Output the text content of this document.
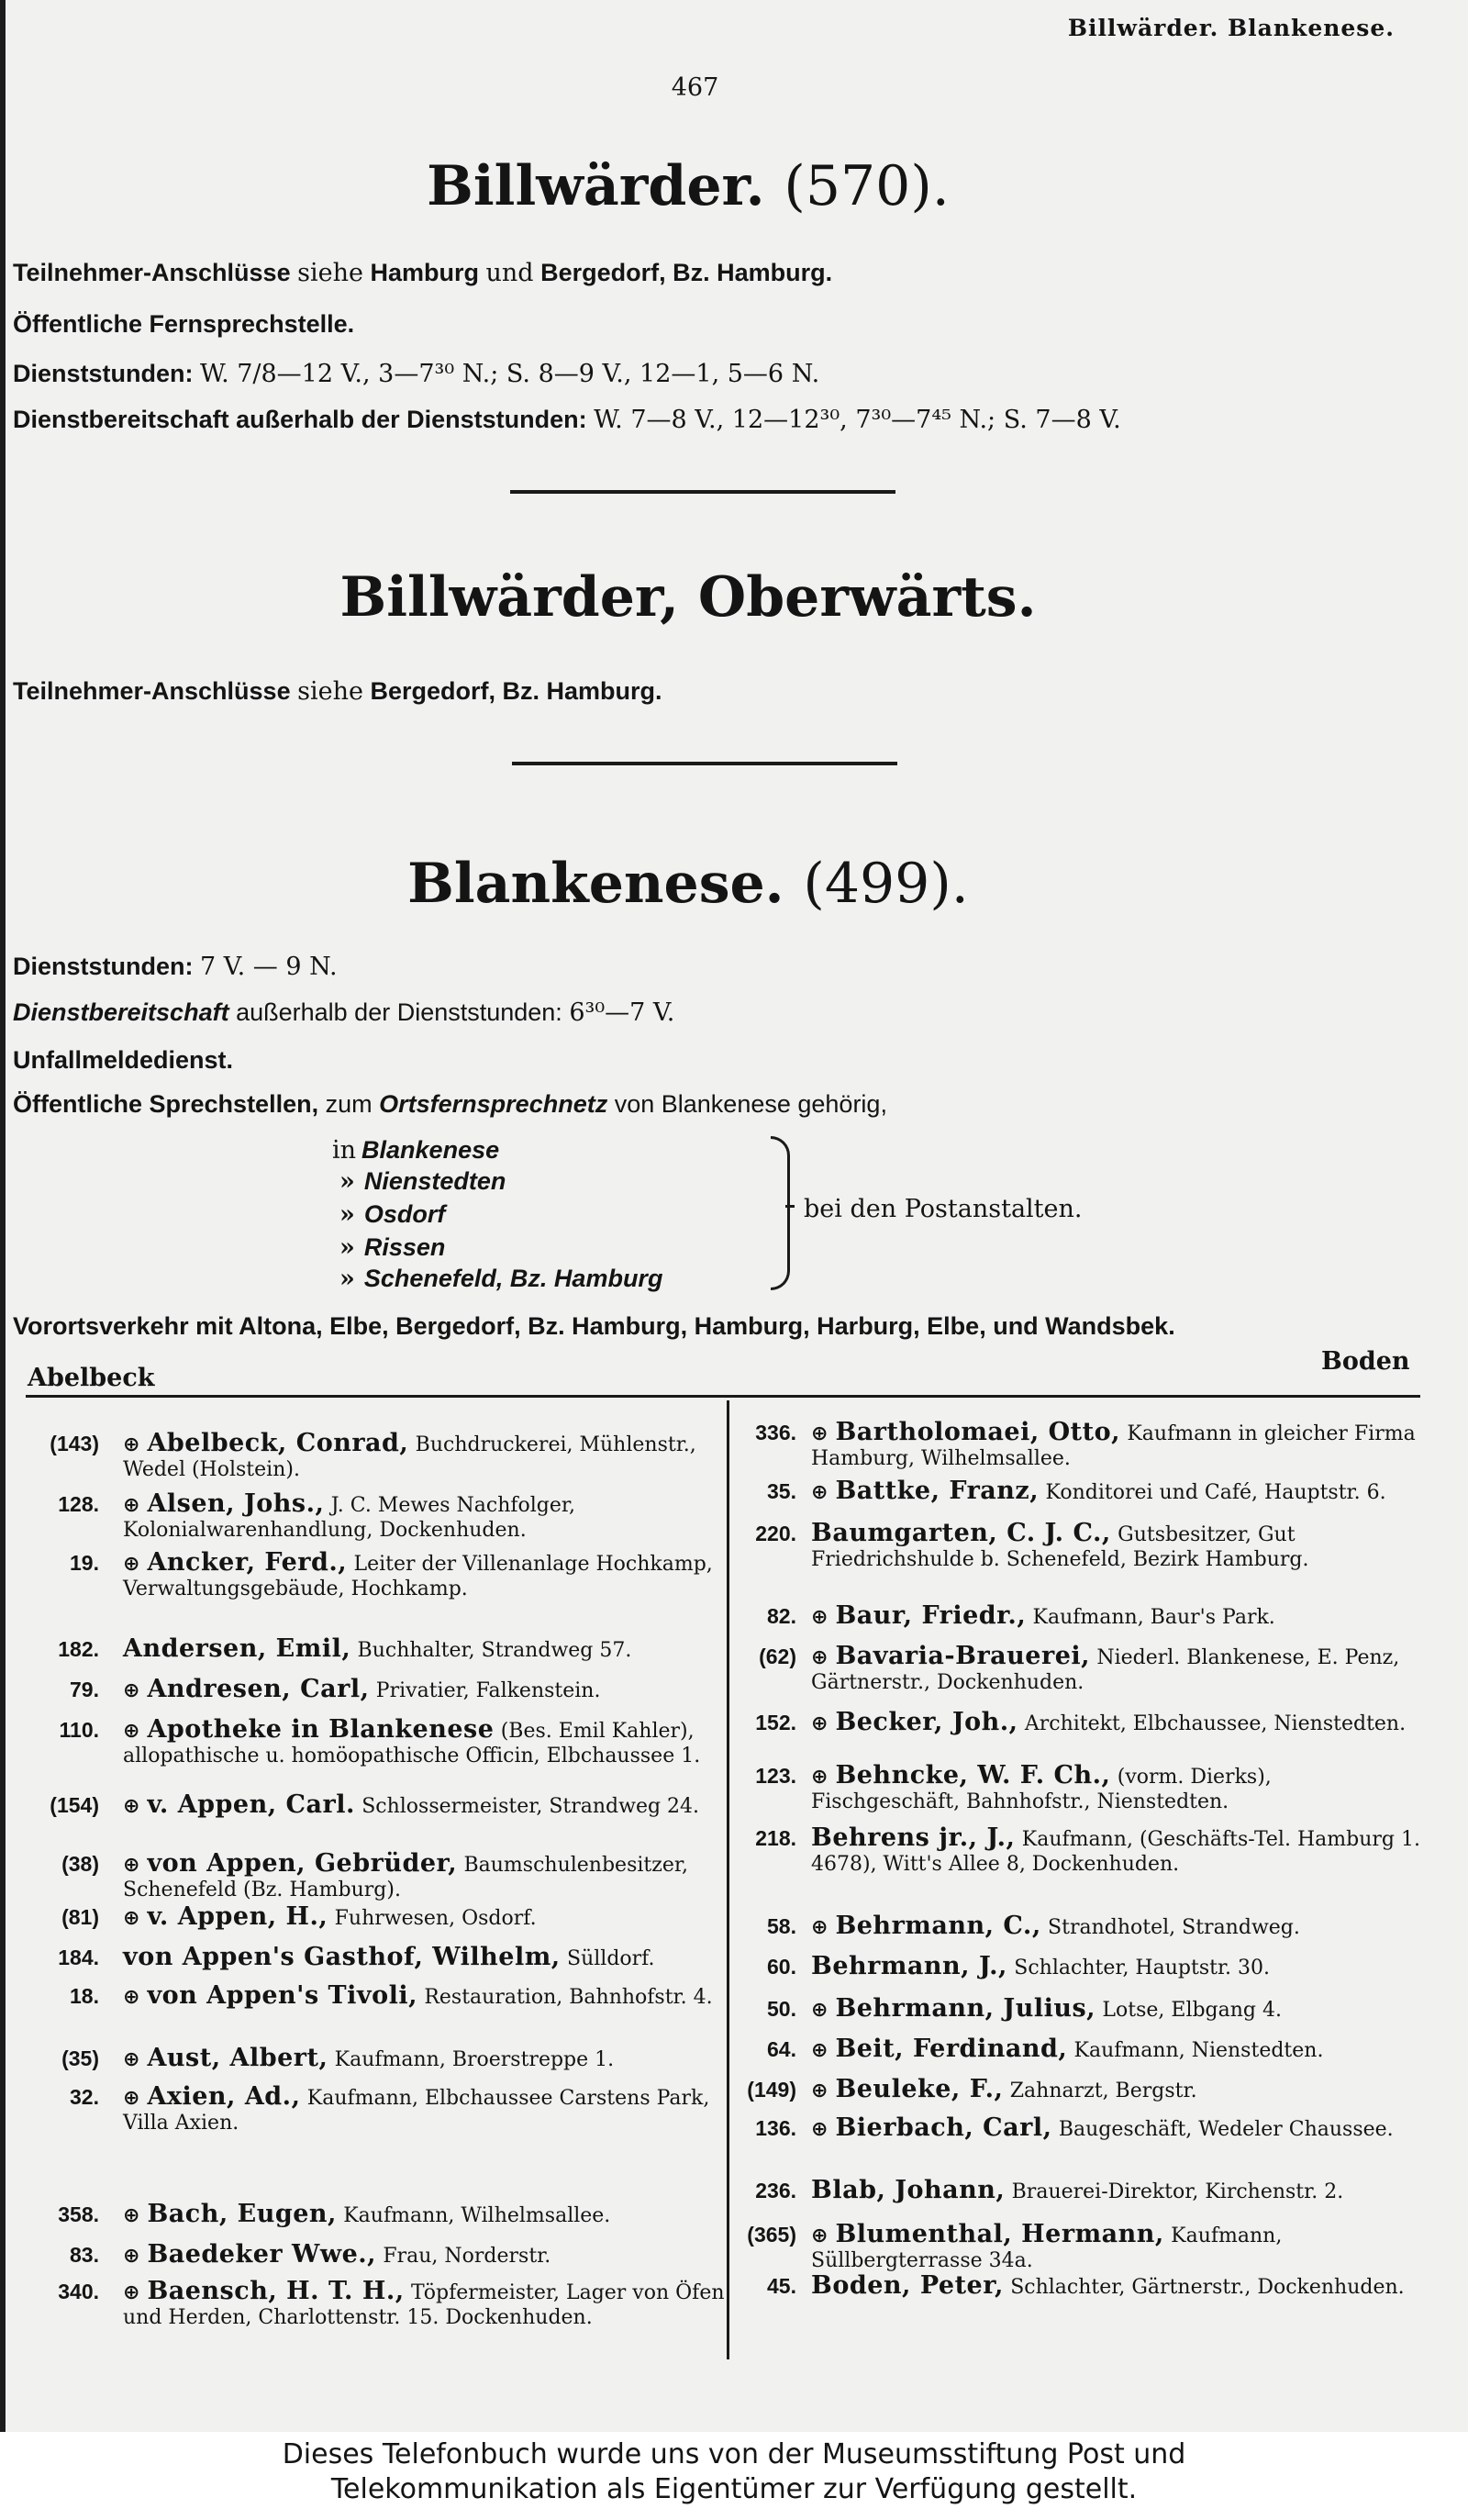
Billwärder. Blankenese.
467
Billwärder. (570).
Teilnehmer-Anschlüsse siehe Hamburg und Bergedorf, Bz. Hamburg.
Öffentliche Fernsprechstelle.
Dienststunden: W. 7/8—12 V., 3—7³⁰ N.; S. 8—9 V., 12—1, 5—6 N.
Dienstbereitschaft außerhalb der Dienststunden: W. 7—8 V., 12—12³⁰, 7³⁰—7⁴⁵ N.; S. 7—8 V.
Billwärder, Oberwärts.
Teilnehmer-Anschlüsse siehe Bergedorf, Bz. Hamburg.
Blankenese. (499).
Dienststunden: 7 V. — 9 N.
Dienstbereitschaft außerhalb der Dienststunden: 6³⁰—7 V.
Unfallmeldedienst.
Öffentliche Sprechstellen, zum Ortsfernsprechnetz von Blankenese gehörig,
in Blankenese
» Nienstedten
» Osdorf
» Rissen
» Schenefeld, Bz. Hamburg
bei den Postanstalten.
Vorortsverkehr mit Altona, Elbe, Bergedorf, Bz. Hamburg, Hamburg, Harburg, Elbe, und Wandsbek.
Abelbeck
Boden
(143) ⊕ Abelbeck, Conrad, Buchdruckerei, Mühlenstr., Wedel (Holstein).
128. ⊕ Alsen, Johs., J. C. Mewes Nachfolger, Kolonialwarenhandlung, Dockenhuden.
19. ⊕ Ancker, Ferd., Leiter der Villenanlage Hochkamp, Verwaltungsgebäude, Hochkamp.
182. Andersen, Emil, Buchhalter, Strandweg 57.
79. ⊕ Andresen, Carl, Privatier, Falkenstein.
110. ⊕ Apotheke in Blankenese (Bes. Emil Kahler), allopathische u. homöopathische Officin, Elbchaussee 1.
(154) ⊕ v. Appen, Carl. Schlossermeister, Strandweg 24.
(38) ⊕ von Appen, Gebrüder, Baumschulenbesitzer, Schenefeld (Bz. Hamburg).
(81) ⊕ v. Appen, H., Fuhrwesen, Osdorf.
184. von Appen's Gasthof, Wilhelm, Sülldorf.
18. ⊕ von Appen's Tivoli, Restauration, Bahnhofstr. 4.
(35) ⊕ Aust, Albert, Kaufmann, Broerstreppe 1.
32. ⊕ Axien, Ad., Kaufmann, Elbchaussee Carstens Park, Villa Axien.
358. ⊕ Bach, Eugen, Kaufmann, Wilhelmsallee.
83. ⊕ Baedeker Wwe., Frau, Norderstr.
340. ⊕ Baensch, H. T. H., Töpfermeister, Lager von Öfen und Herden, Charlottenstr. 15. Dockenhuden.
336. ⊕ Bartholomaei, Otto, Kaufmann in gleicher Firma Hamburg, Wilhelmsallee.
35. ⊕ Battke, Franz, Konditorei und Café, Hauptstr. 6.
220. Baumgarten, C. J. C., Gutsbesitzer, Gut Friedrichshulde b. Schenefeld, Bezirk Hamburg.
82. ⊕ Baur, Friedr., Kaufmann, Baur's Park.
(62) ⊕ Bavaria-Brauerei, Niederl. Blankenese, E. Penz, Gärtnerstr., Dockenhuden.
152. ⊕ Becker, Joh., Architekt, Elbchaussee, Nienstedten.
123. ⊕ Behncke, W. F. Ch., (vorm. Dierks), Fischgeschäft, Bahnhofstr., Nienstedten.
218. Behrens jr., J., Kaufmann, (Geschäfts-Tel. Hamburg 1. 4678), Witt's Allee 8, Dockenhuden.
58. ⊕ Behrmann, C., Strandhotel, Strandweg.
60. Behrmann, J., Schlachter, Hauptstr. 30.
50. ⊕ Behrmann, Julius, Lotse, Elbgang 4.
64. ⊕ Beit, Ferdinand, Kaufmann, Nienstedten.
(149) ⊕ Beuleke, F., Zahnarzt, Bergstr.
136. ⊕ Bierbach, Carl, Baugeschäft, Wedeler Chaussee.
236. Blab, Johann, Brauerei-Direktor, Kirchenstr. 2.
(365) ⊕ Blumenthal, Hermann, Kaufmann, Süllbergterrasse 34a.
45. Boden, Peter, Schlachter, Gärtnerstr., Dockenhuden.
Dieses Telefonbuch wurde uns von der Museumsstiftung Post und
Telekommunikation als Eigentümer zur Verfügung gestellt.
